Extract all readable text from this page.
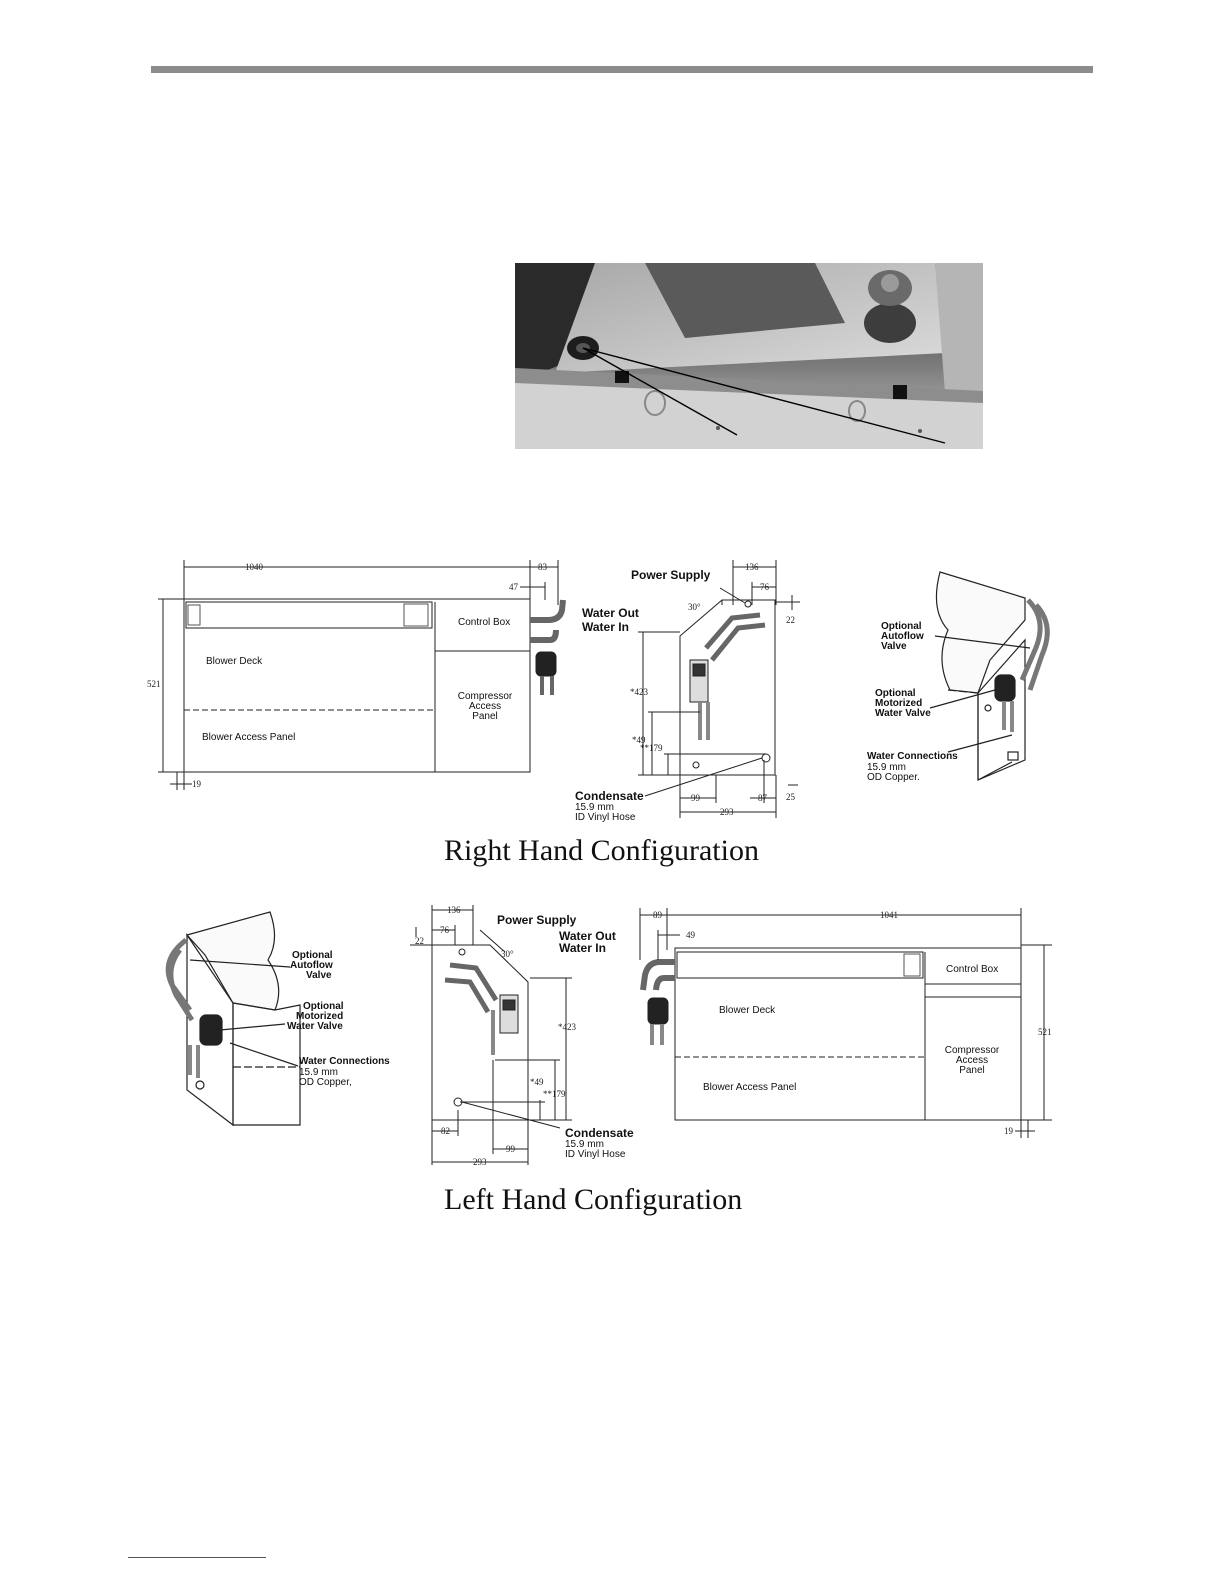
1040	83
47
521
19
Control Box
Blower Deck
Compressor
Access
Panel
Blower Access Panel
Water Out
Water In
Power Supply
136
76
22
30°
*423
*49
**179
99	87 25
293
Condensate
15.9 mm
ID Vinyl Hose
Optional
Autoflow
Valve
Optional
Motorized
Water Valve
Water Connections
15.9 mm
OD Copper.
Optional
Autoflow
Valve
Optional
Motorized
Water Valve
Water Connections
15.9 mm
OD Copper,
Power Supply
136
76
22
30°
*423
*49
**179
82
99
293
Condensate
15.9 mm
ID Vinyl Hose
Water Out
Water In
89
49
1041
521
19
Control Box
Blower Deck
Compressor
Access
Panel
Blower Access Panel
Right Hand Configuration
Left Hand Configuration
